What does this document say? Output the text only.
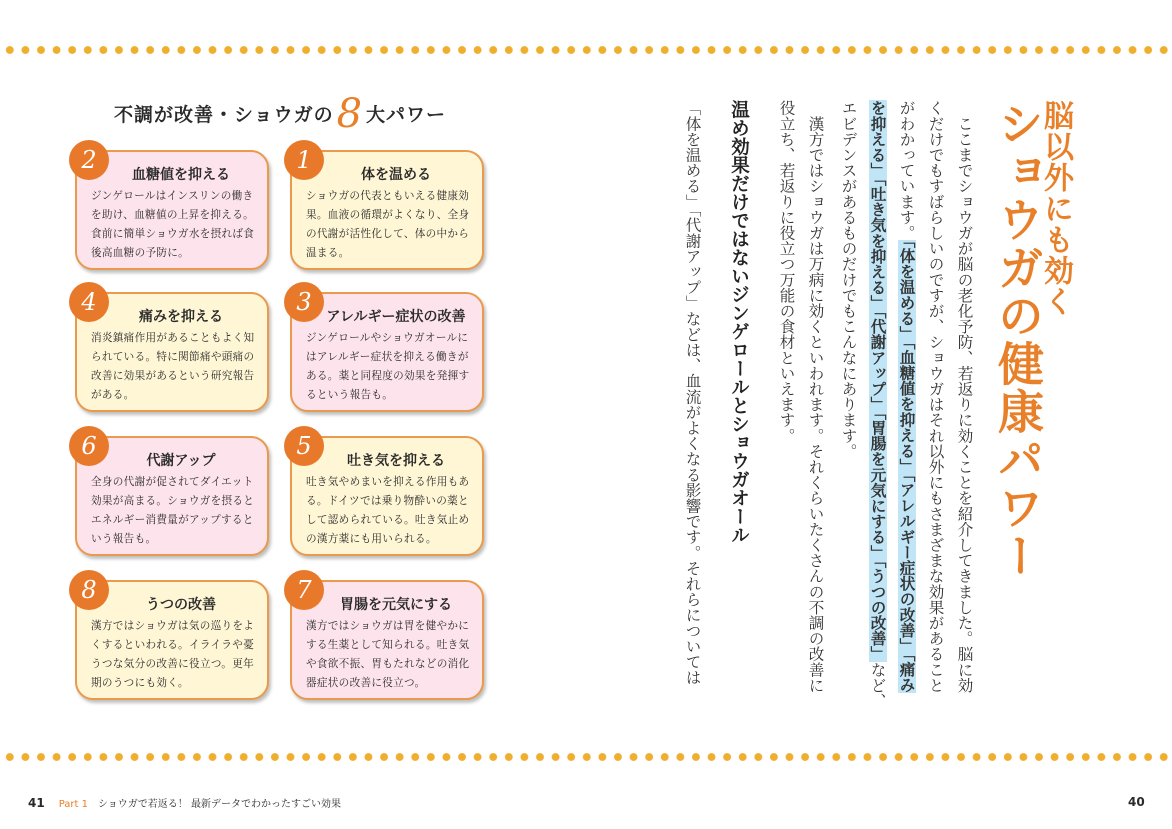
不調が改善・ショウガの8 大パワー
2
血糖値を抑える
ジンゲロールはインスリンの働きを助け、血糖値の上昇を抑える。食前に簡単ショウガ水を摂れば食後高血糖の予防に。
1
体を温める
ショウガの代表ともいえる健康効果。血液の循環がよくなり、全身の代謝が活性化して、体の中から温まる。
4
痛みを抑える
消炎鎮痛作用があることもよく知られている。特に関節痛や頭痛の改善に効果があるという研究報告がある。
3
アレルギー症状の改善
ジンゲロールやショウガオールにはアレルギー症状を抑える働きがある。薬と同程度の効果を発揮するという報告も。
6
代謝アップ
全身の代謝が促されてダイエット効果が高まる。ショウガを摂るとエネルギー消費量がアップするという報告も。
5
吐き気を抑える
吐き気やめまいを抑える作用もある。ドイツでは乗り物酔いの薬として認められている。吐き気止めの漢方薬にも用いられる。
8
うつの改善
漢方ではショウガは気の巡りをよくするといわれる。イライラや憂うつな気分の改善に役立つ。更年期のうつにも効く。
7
胃腸を元気にする
漢方ではショウガは胃を健やかにする生薬として知られる。吐き気や食欲不振、胃もたれなどの消化器症状の改善に役立つ。
脳以外にも効く
ショウガの健康パワー
　ここまでショウガが脳の老化予防、若返りに効くことを紹介してきました。脳に効
くだけでもすばらしいのですが、ショウガはそれ以外にもさまざまな効果があること
がわかっています。「体を温める」「血糖値を抑える」「アレルギー症状の改善」「痛み
を抑える」「吐き気を抑える」「代謝アップ」「胃腸を元気にする」「うつの改善」など、
エビデンスがあるものだけでもこんなにあります。
　漢方ではショウガは万病に効くといわれます。それくらいたくさんの不調の改善に
役立ち、若返りに役立つ万能の食材といえます。
温め効果だけではないジンゲロールとショウガオール
「体を温める」「代謝アップ」などは、血流がよくなる影響です。それらについては
41 Part 1 ショウガで若返る！ 最新データでわかったすごい効果	40
